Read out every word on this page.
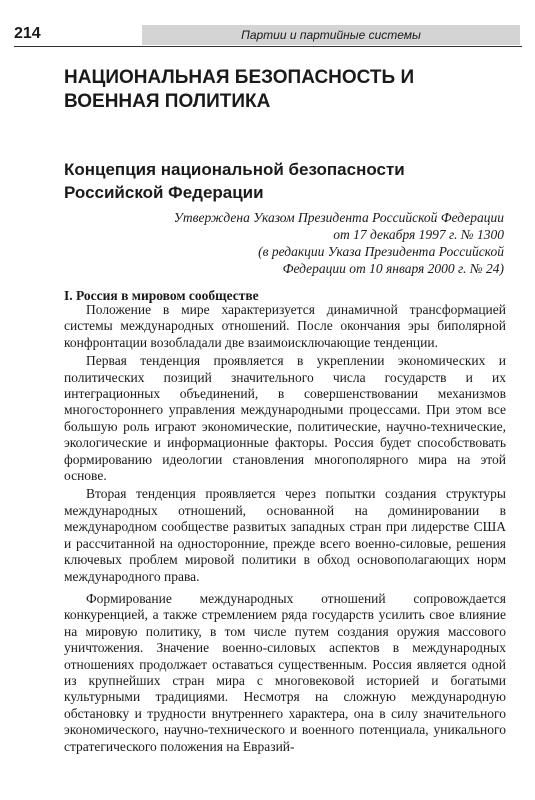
214	Партии и партийные системы
НАЦИОНАЛЬНАЯ БЕЗОПАСНОСТЬ И ВОЕННАЯ ПОЛИТИКА
Концепция национальной безопасности Российской Федерации
Утверждена Указом Президента Российской Федерации
от 17 декабря 1997 г. № 1300
(в редакции Указа Президента Российской
Федерации от 10 января 2000 г. № 24)
I. Россия в мировом сообществе

Положение в мире характеризуется динамичной трансформацией системы международных отношений. После окончания эры биполярной конфронтации возобладали две взаимоисключающие тенденции.

Первая тенденция проявляется в укреплении экономических и политических позиций значительного числа государств и их интеграционных объединений, в совершенствовании механизмов многостороннего управления международными процессами. При этом все большую роль играют экономические, политические, научно-технические, экологические и информационные факторы. Россия будет способствовать формированию идеологии становления многополярного мира на этой основе.

Вторая тенденция проявляется через попытки создания структуры международных отношений, основанной на доминировании в международном сообществе развитых западных стран при лидерстве США и рассчитанной на односторонние, прежде всего военно-силовые, решения ключевых проблем мировой политики в обход основополагающих норм международного права.

Формирование международных отношений сопровождается конкуренцией, а также стремлением ряда государств усилить свое влияние на мировую политику, в том числе путем создания оружия массового уничтожения. Значение военно-силовых аспектов в международных отношениях продолжает оставаться существенным. Россия является одной из крупнейших стран мира с многовековой историей и богатыми культурными традициями. Несмотря на сложную международную обстановку и трудности внутреннего характера, она в силу значительного экономического, научно-технического и военного потенциала, уникального стратегического положения на Евразий-
